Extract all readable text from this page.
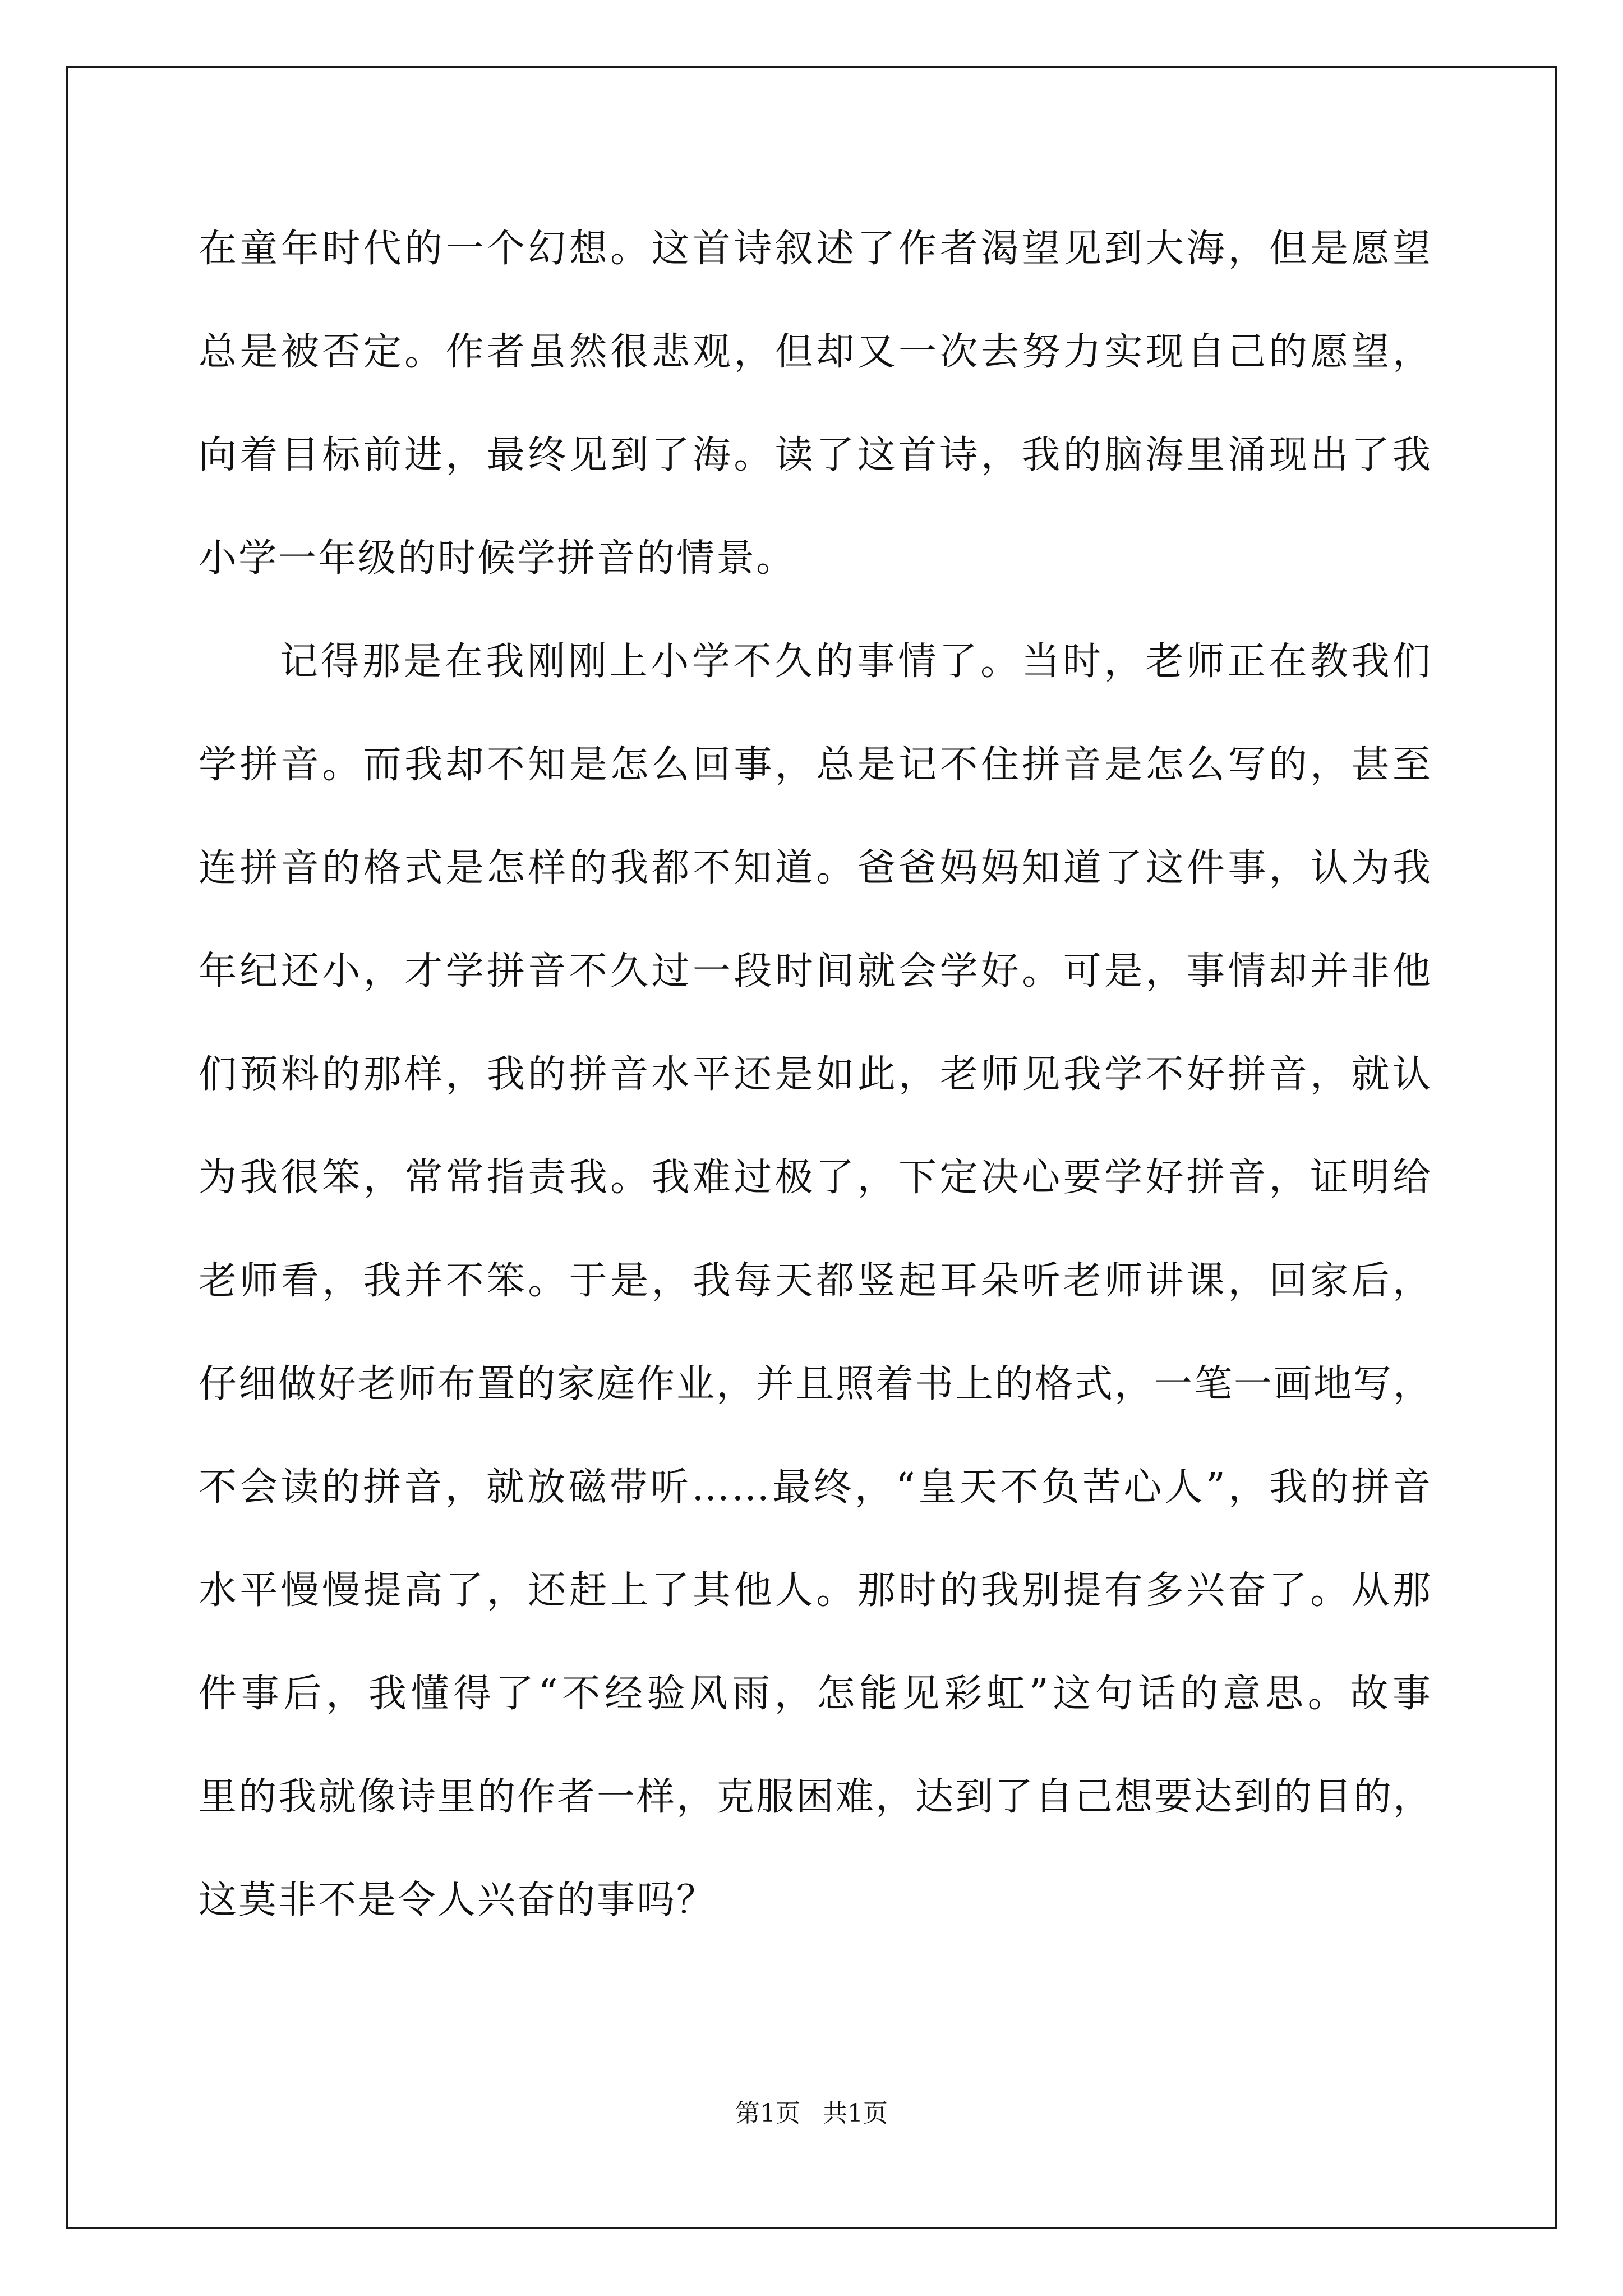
在童年时代的一个幻想。这首诗叙述了作者渴望见到大海，但是愿望
总是被否定。作者虽然很悲观，但却又一次去努力实现自己的愿望，
向着目标前进，最终见到了海。读了这首诗，我的脑海里涌现出了我
小学一年级的时候学拼音的情景。
记得那是在我刚刚上小学不久的事情了。当时，老师正在教我们
学拼音。而我却不知是怎么回事，总是记不住拼音是怎么写的，甚至
连拼音的格式是怎样的我都不知道。爸爸妈妈知道了这件事，认为我
年纪还小，才学拼音不久过一段时间就会学好。可是，事情却并非他
们预料的那样，我的拼音水平还是如此，老师见我学不好拼音，就认
为我很笨，常常指责我。我难过极了，下定决心要学好拼音，证明给
老师看，我并不笨。于是，我每天都竖起耳朵听老师讲课，回家后，
仔细做好老师布置的家庭作业，并且照着书上的格式，一笔一画地写，
不会读的拼音，就放磁带听……最终，“皇天不负苦心人”，我的拼音
水平慢慢提高了，还赶上了其他人。那时的我别提有多兴奋了。从那
件事后，我懂得了“不经验风雨，怎能见彩虹”这句话的意思。故事
里的我就像诗里的作者一样，克服困难，达到了自己想要达到的目的，
这莫非不是令人兴奋的事吗？
第1页 共1页
